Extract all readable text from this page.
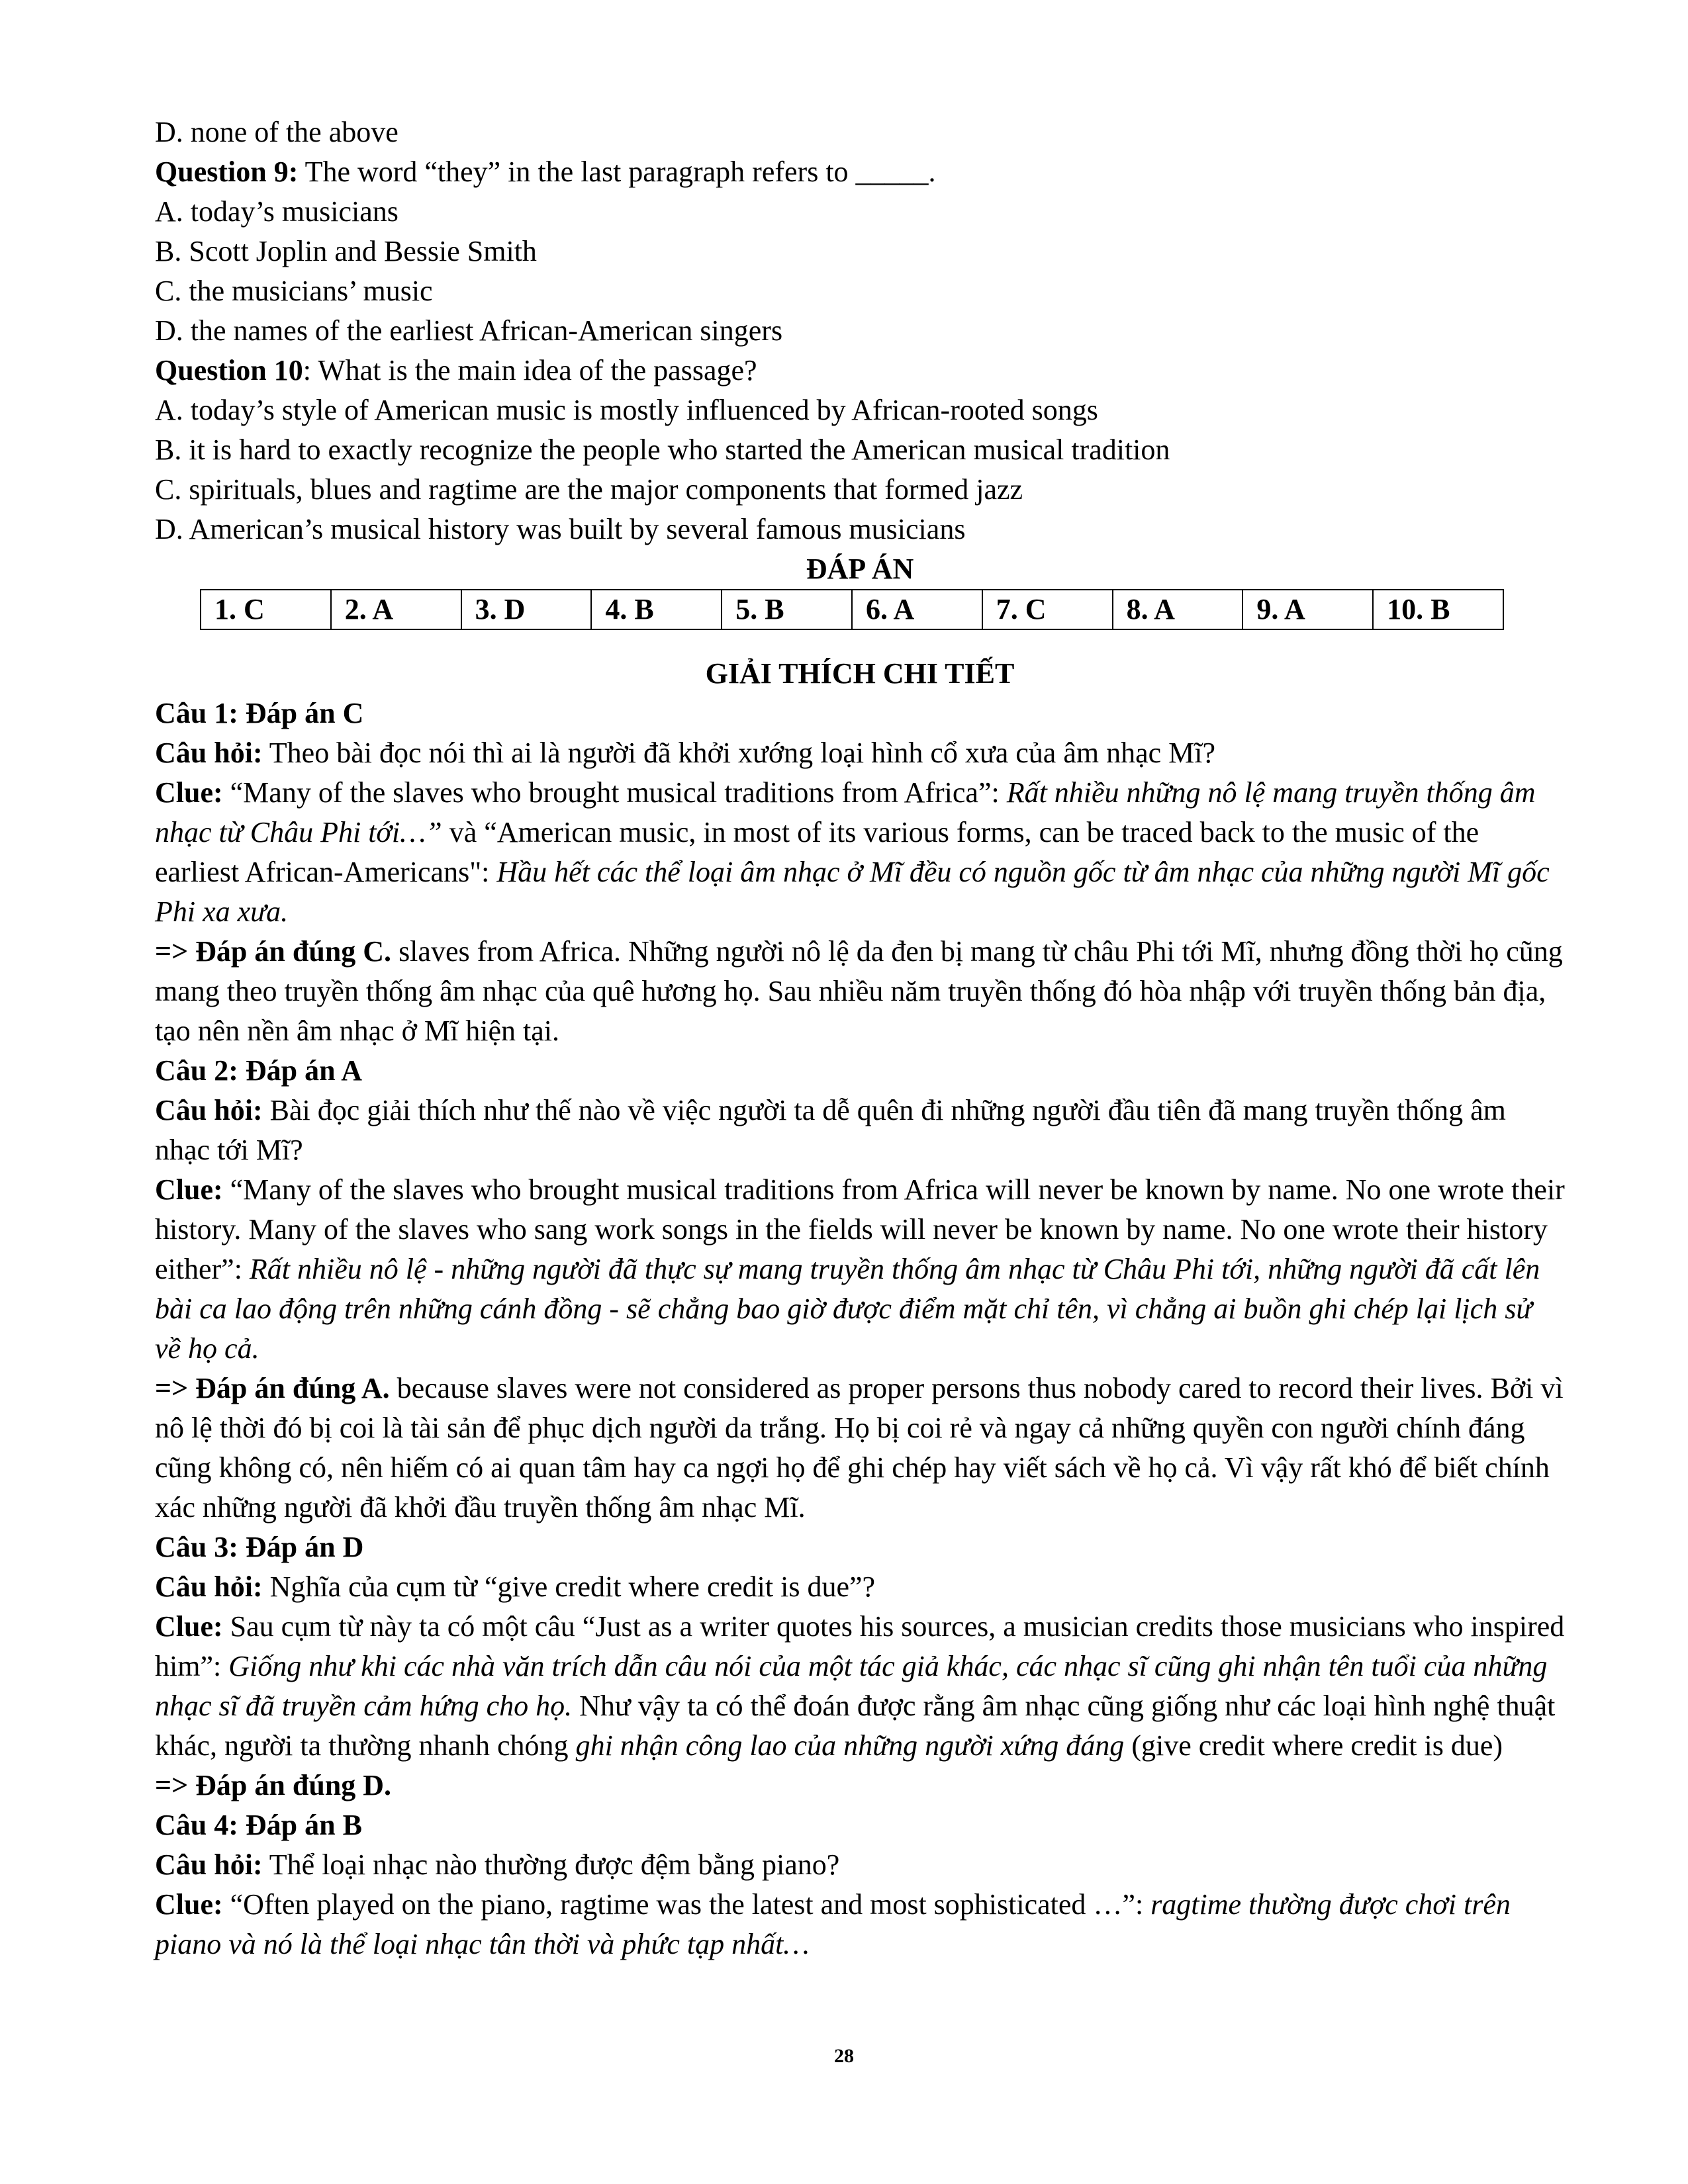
D. none of the above
Question 9: The word “they” in the last paragraph refers to _____.
A. today’s musicians
B. Scott Joplin and Bessie Smith
C. the musicians’ music
D. the names of the earliest African-American singers
Question 10: What is the main idea of the passage?
A. today’s style of American music is mostly influenced by African-rooted songs
B. it is hard to exactly recognize the people who started the American musical tradition
C. spirituals, blues and ragtime are the major components that formed jazz
D. American’s musical history was built by several famous musicians
ĐÁP ÁN
1. C	2. A	3. D	4. B	5. B	6. A	7. C	8. A	9. A	10. B
GIẢI THÍCH CHI TIẾT
Câu 1: Đáp án C
Câu hỏi: Theo bài đọc nói thì ai là người đã khởi xướng loại hình cổ xưa của âm nhạc Mĩ?
Clue: “Many of the slaves who brought musical traditions from Africa”: Rất nhiều những nô lệ mang truyền thống âm nhạc từ Châu Phi tới…” và “American music, in most of its various forms, can be traced back to the music of the earliest African-Americans": Hầu hết các thể loại âm nhạc ở Mĩ đều có nguồn gốc từ âm nhạc của những người Mĩ gốc Phi xa xưa.
=> Đáp án đúng C. slaves from Africa. Những người nô lệ da đen bị mang từ châu Phi tới Mĩ, nhưng đồng thời họ cũng mang theo truyền thống âm nhạc của quê hương họ. Sau nhiều năm truyền thống đó hòa nhập với truyền thống bản địa, tạo nên nền âm nhạc ở Mĩ hiện tại.
Câu 2: Đáp án A
Câu hỏi: Bài đọc giải thích như thế nào về việc người ta dễ quên đi những người đầu tiên đã mang truyền thống âm nhạc tới Mĩ?
Clue: “Many of the slaves who brought musical traditions from Africa will never be known by name. No one wrote their history. Many of the slaves who sang work songs in the fields will never be known by name. No one wrote their history either”: Rất nhiều nô lệ - những người đã thực sự mang truyền thống âm nhạc từ Châu Phi tới, những người đã cất lên bài ca lao động trên những cánh đồng - sẽ chẳng bao giờ được điểm mặt chỉ tên, vì chẳng ai buồn ghi chép lại lịch sử về họ cả.
=> Đáp án đúng A. because slaves were not considered as proper persons thus nobody cared to record their lives. Bởi vì nô lệ thời đó bị coi là tài sản để phục dịch người da trắng. Họ bị coi rẻ và ngay cả những quyền con người chính đáng cũng không có, nên hiếm có ai quan tâm hay ca ngợi họ để ghi chép hay viết sách về họ cả. Vì vậy rất khó để biết chính xác những người đã khởi đầu truyền thống âm nhạc Mĩ.
Câu 3: Đáp án D
Câu hỏi: Nghĩa của cụm từ “give credit where credit is due”?
Clue: Sau cụm từ này ta có một câu “Just as a writer quotes his sources, a musician credits those musicians who inspired him”: Giống như khi các nhà văn trích dẫn câu nói của một tác giả khác, các nhạc sĩ cũng ghi nhận tên tuổi của những nhạc sĩ đã truyền cảm hứng cho họ. Như vậy ta có thể đoán được rằng âm nhạc cũng giống như các loại hình nghệ thuật khác, người ta thường nhanh chóng ghi nhận công lao của những người xứng đáng (give credit where credit is due)
=> Đáp án đúng D.
Câu 4: Đáp án B
Câu hỏi: Thể loại nhạc nào thường được đệm bằng piano?
Clue: “Often played on the piano, ragtime was the latest and most sophisticated …”: ragtime thường được chơi trên piano và nó là thể loại nhạc tân thời và phức tạp nhất…
28
